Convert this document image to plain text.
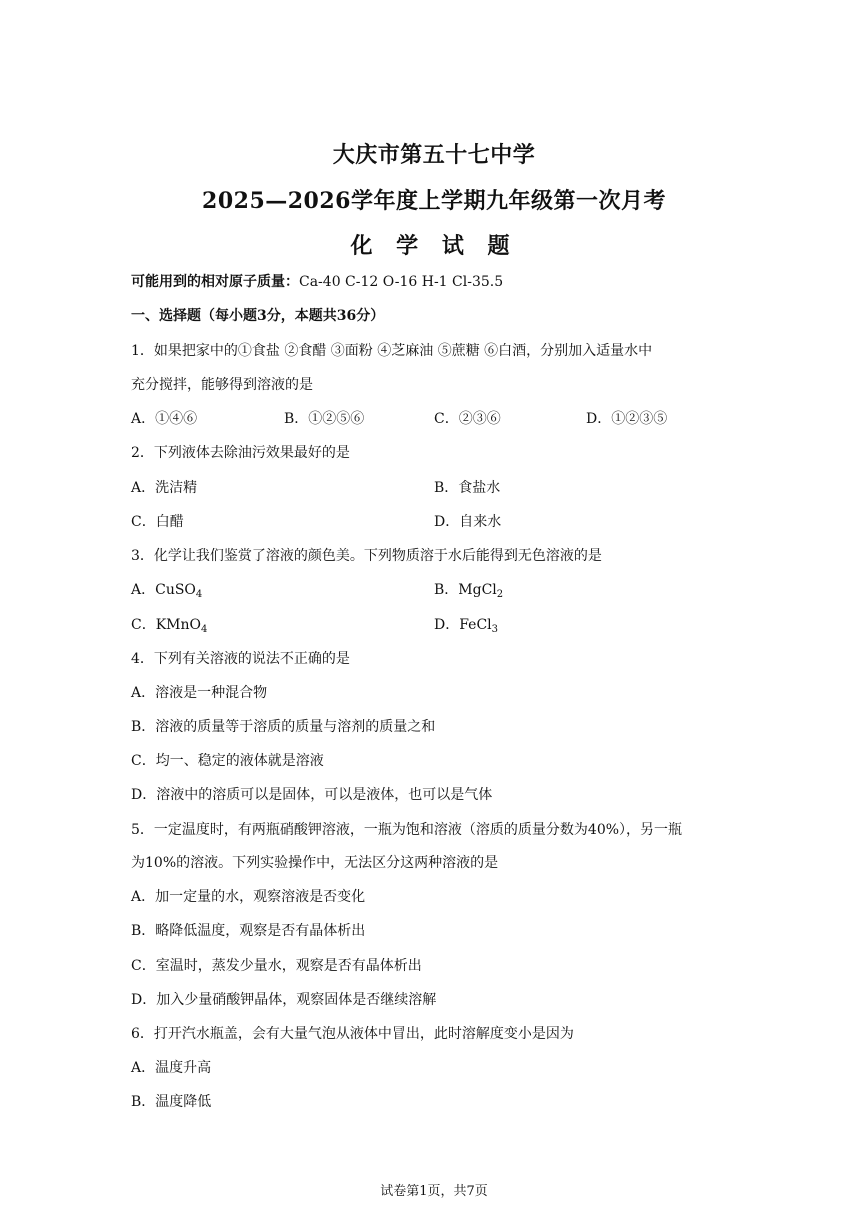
大庆市第五十七中学
2025—2026学年度上学期九年级第一次月考
化 学 试 题
可能用到的相对原子质量：Ca-40 C-12 O-16 H-1 Cl-35.5
一、选择题（每小题3分，本题共36分）
1．如果把家中的①食盐 ②食醋 ③面粉 ④芝麻油 ⑤蔗糖 ⑥白酒，分别加入适量水中
充分搅拌，能够得到溶液的是
A．①④⑥	B．①②⑤⑥	C．②③⑥	D．①②③⑤
2．下列液体去除油污效果最好的是
A．洗洁精	B．食盐水
C．白醋	D．自来水
3．化学让我们鉴赏了溶液的颜色美。下列物质溶于水后能得到无色溶液的是
A．CuSO$_4$	B．MgCl$_2$
C．KMnO$_4$	D．FeCl$_3$
4．下列有关溶液的说法不正确的是
A．溶液是一种混合物
B．溶液的质量等于溶质的质量与溶剂的质量之和
C．均一、稳定的液体就是溶液
D．溶液中的溶质可以是固体，可以是液体，也可以是气体
5．一定温度时，有两瓶硝酸钾溶液，一瓶为饱和溶液（溶质的质量分数为40%），另一瓶
为10%的溶液。下列实验操作中，无法区分这两种溶液的是
A．加一定量的水，观察溶液是否变化
B．略降低温度，观察是否有晶体析出
C．室温时，蒸发少量水，观察是否有晶体析出
D．加入少量硝酸钾晶体，观察固体是否继续溶解
6．打开汽水瓶盖，会有大量气泡从液体中冒出，此时溶解度变小是因为
A．温度升高
B．温度降低
试卷第1页，共7页
